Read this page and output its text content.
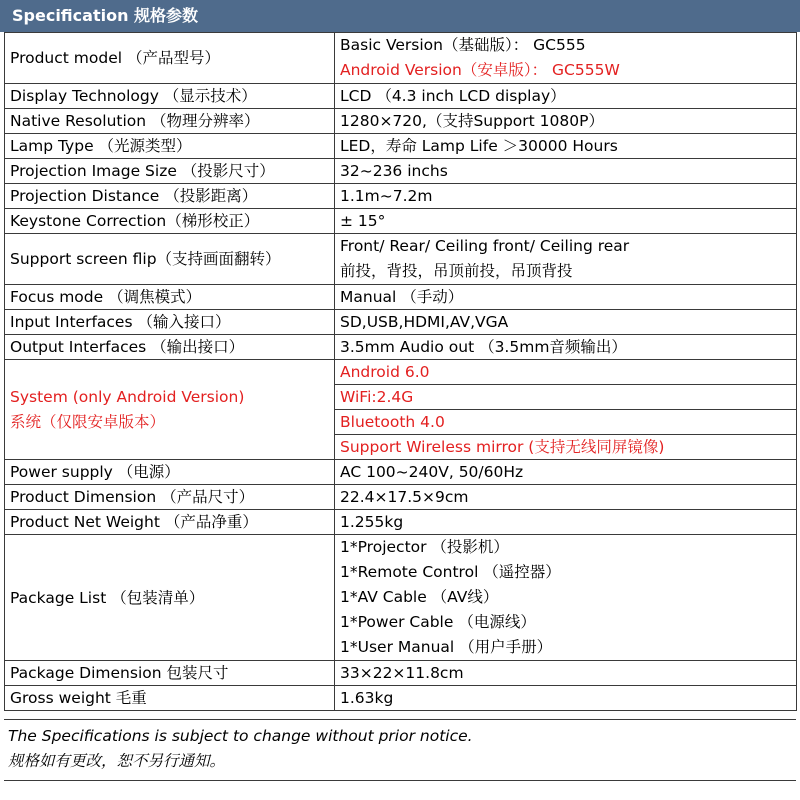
Specification 规格参数
Product model （产品型号）	Basic Version（基础版）： GC555
Android Version（安卓版）： GC555W

Display Technology （显示技术）	LCD （4.3 inch LCD display）
Native Resolution （物理分辨率）	1280×720,（支持Support 1080P）
Lamp Type （光源类型）	LED，寿命 Lamp Life ＞30000 Hours
Projection Image Size （投影尺寸）	32~236 inchs
Projection Distance （投影距离）	1.1m~7.2m
Keystone Correction（梯形校正）	± 15°
Support screen flip（支持画面翻转）	Front/ Rear/ Ceiling front/ Ceiling rear
前投，背投，吊顶前投，吊顶背投

Focus mode （调焦模式）	Manual （手动）
Input Interfaces （输入接口）	SD,USB,HDMI,AV,VGA
Output Interfaces （输出接口）	3.5mm Audio out （3.5mm音频输出）

System (only Android Version)
系统（仅限安卓版本）	Android 6.0
	WiFi:2.4G
	Bluetooth 4.0
	Support Wireless mirror (支持无线同屏镜像)
Power supply （电源）	AC 100~240V, 50/60Hz
Product Dimension （产品尺寸）	22.4×17.5×9cm
Product Net Weight （产品净重）	1.255kg
Package List （包装清单）	1*Projector （投影机）
1*Remote Control （遥控器）
1*AV Cable （AV线）
1*Power Cable （电源线）
1*User Manual （用户手册）

Package Dimension 包装尺寸	33×22×11.8cm
Gross weight 毛重	1.63kg
The Specifications is subject to change without prior notice.
规格如有更改，恕不另行通知。
